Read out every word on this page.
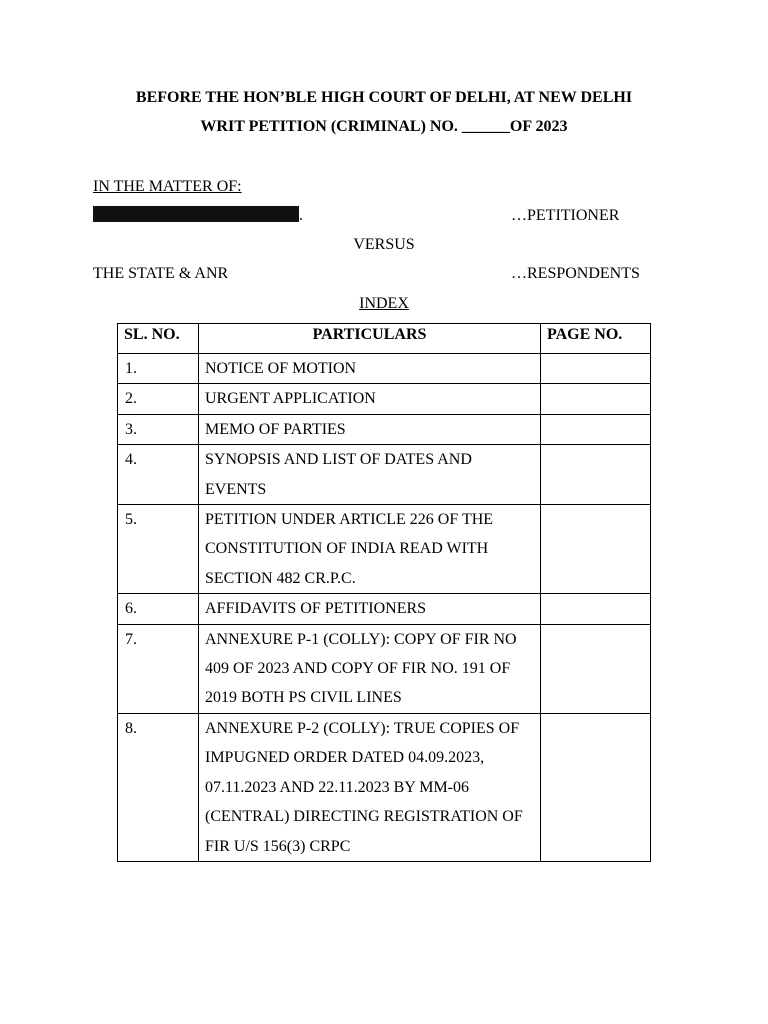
BEFORE THE HON’BLE HIGH COURT OF DELHI, AT NEW DELHI
WRIT PETITION (CRIMINAL) NO. ______OF 2023
IN THE MATTER OF:
.	…PETITIONER
VERSUS
THE STATE & ANR	…RESPONDENTS
INDEX
SL. NO.	PARTICULARS	PAGE NO.
1.	NOTICE OF MOTION	
2.	URGENT APPLICATION	
3.	MEMO OF PARTIES	
4.	SYNOPSIS AND LIST OF DATES AND EVENTS	
5.	PETITION UNDER ARTICLE 226 OF THE CONSTITUTION OF INDIA READ WITH SECTION 482 CR.P.C.	
6.	AFFIDAVITS OF PETITIONERS	
7.	ANNEXURE P-1 (COLLY): COPY OF FIR NO 409 OF 2023 AND COPY OF FIR NO. 191 OF 2019 BOTH PS CIVIL LINES	
8.	ANNEXURE P-2 (COLLY): TRUE COPIES OF IMPUGNED ORDER DATED 04.09.2023, 07.11.2023 AND 22.11.2023 BY MM-06 (CENTRAL) DIRECTING REGISTRATION OF FIR U/S 156(3) CRPC	
